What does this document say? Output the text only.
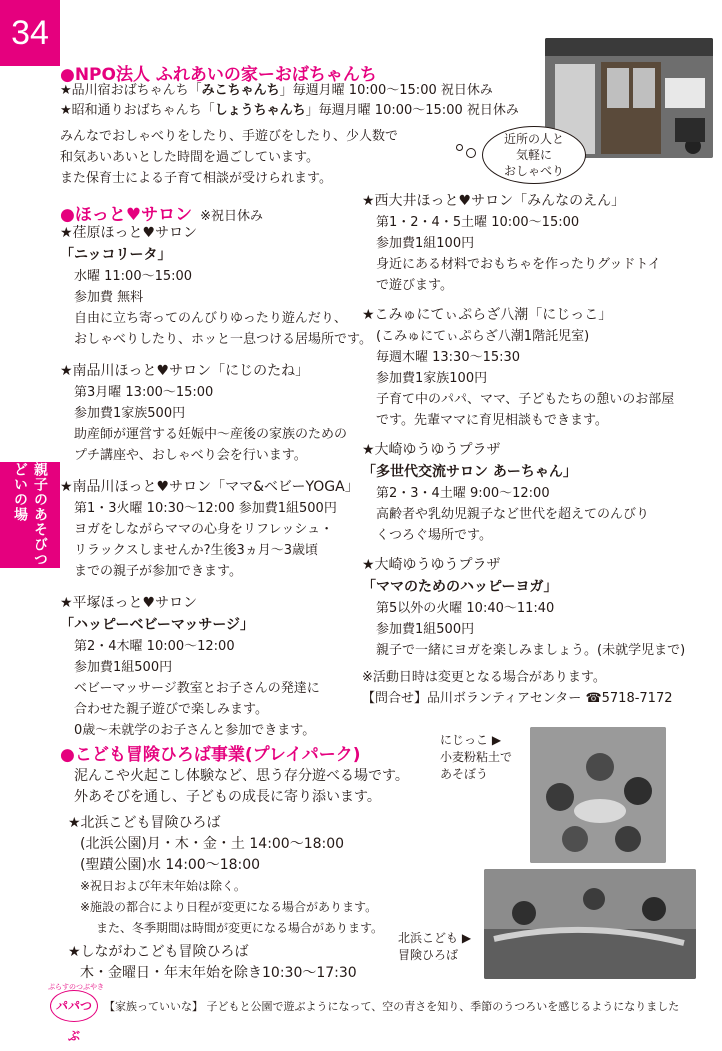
34
親子のあそびつどいの場
●NPO法人 ふれあいの家ーおばちゃんち
★品川宿おばちゃんち「みこちゃんち」毎週月曜 10:00〜15:00 祝日休み
★昭和通りおばちゃんち「しょうちゃんち」毎週月曜 10:00〜15:00 祝日休み
みんなでおしゃべりをしたり、手遊びをしたり、少人数で
和気あいあいとした時間を過ごしています。
また保育士による子育て相談が受けられます。
近所の人と
気軽に
おしゃべり
●ほっと♥サロン ※祝日休み
★荏原ほっと♥サロン
「ニッコリータ」
水曜 11:00〜15:00
参加費 無料
自由に立ち寄ってのんびりゆったり遊んだり、
おしゃべりしたり、ホッと一息つける居場所です。
★南品川ほっと♥サロン「にじのたね」
第3月曜 13:00〜15:00
参加費1家族500円
助産師が運営する妊娠中〜産後の家族のための
プチ講座や、おしゃべり会を行います。
★南品川ほっと♥サロン「ママ&ベビーYOGA」
第1・3火曜 10:30〜12:00 参加費1組500円
ヨガをしながらママの心身をリフレッシュ・
リラックスしませんか?生後3ヵ月〜3歳頃
までの親子が参加できます。
★平塚ほっと♥サロン
「ハッピーベビーマッサージ」
第2・4木曜 10:00〜12:00
参加費1組500円
ベビーマッサージ教室とお子さんの発達に
合わせた親子遊びで楽しみます。
0歳〜未就学のお子さんと参加できます。
★西大井ほっと♥サロン「みんなのえん」
第1・2・4・5土曜 10:00〜15:00
参加費1組100円
身近にある材料でおもちゃを作ったりグッドトイ
で遊びます。
★こみゅにてぃぷらざ八潮「にじっこ」
(こみゅにてぃぷらざ八潮1階託児室)
毎週木曜 13:30〜15:30
参加費1家族100円
子育て中のパパ、ママ、子どもたちの憩いのお部屋
です。先輩ママに育児相談もできます。
★大崎ゆうゆうプラザ
「多世代交流サロン あーちゃん」
第2・3・4土曜 9:00〜12:00
高齢者や乳幼児親子など世代を超えてのんびり
くつろぐ場所です。
★大崎ゆうゆうプラザ
「ママのためのハッピーヨガ」
第5以外の火曜 10:40〜11:40
参加費1組500円
親子で一緒にヨガを楽しみましょう。(未就学児まで)
※活動日時は変更となる場合があります。
【問合せ】品川ボランティアセンター ☎5718-7172
●こども冒険ひろば事業(プレイパーク)
泥んこや火起こし体験など、思う存分遊べる場です。
外あそびを通し、子どもの成長に寄り添います。
★北浜こども冒険ひろば
(北浜公園)月・木・金・土 14:00〜18:00
(聖蹟公園)水 14:00〜18:00
※祝日および年末年始は除く。
※施設の都合により日程が変更になる場合があります。
また、冬季期間は時間が変更になる場合があります。
★しながわこども冒険ひろば
木・金曜日・年末年始を除き10:30〜17:30
にじっこ ▶
小麦粉粘土で
あそぼう
北浜こども ▶
冒険ひろば
ぷらすのつぶやき
パパつぶ
【家族っていいな】 子どもと公園で遊ぶようになって、空の青さを知り、季節のうつろいを感じるようになりました
